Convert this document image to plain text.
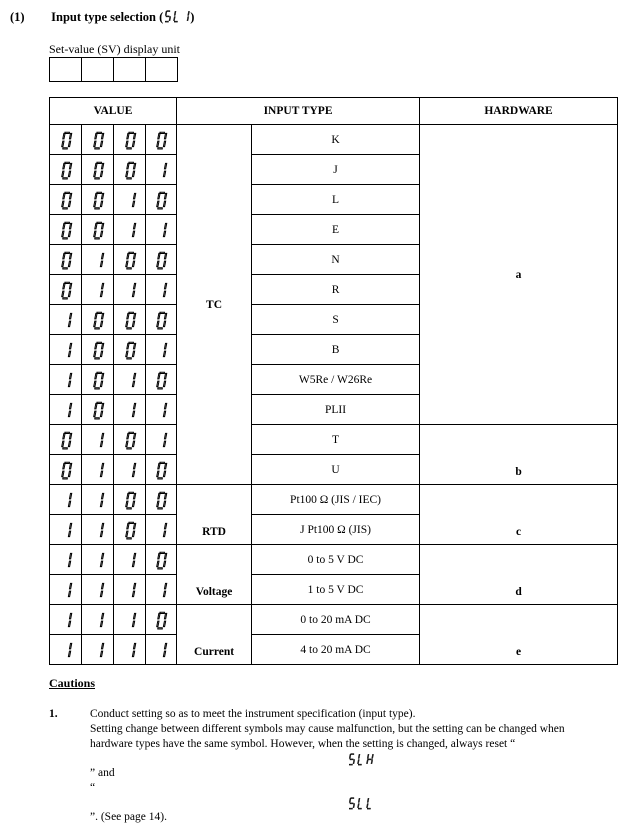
(1) Input type selection ( )
Set-value (SV) display unit
VALUE				INPUT TYPE		HARDWARE

	TC	K	a

	J	

	L	

	E	

	N	

	R	

	S	

	B	

	W5Re / W26Re	

	PLII	

	T	b

	U	

	RTD	Pt100 Ω (JIS / IEC)	c

	J Pt100 Ω (JIS)	

	Voltage	0 to 5 V DC	d

	1 to 5 V DC	

	Current	0 to 20 mA DC	e

	4 to 20 mA DC	
Cautions
1.	Conduct setting so as to meet the instrument specification (input type).
Setting change between different symbols may cause malfunction, but the setting can be changed when
hardware types have the same symbol. However, when the setting is changed, always reset “
” and
“
”. (See page 14).
